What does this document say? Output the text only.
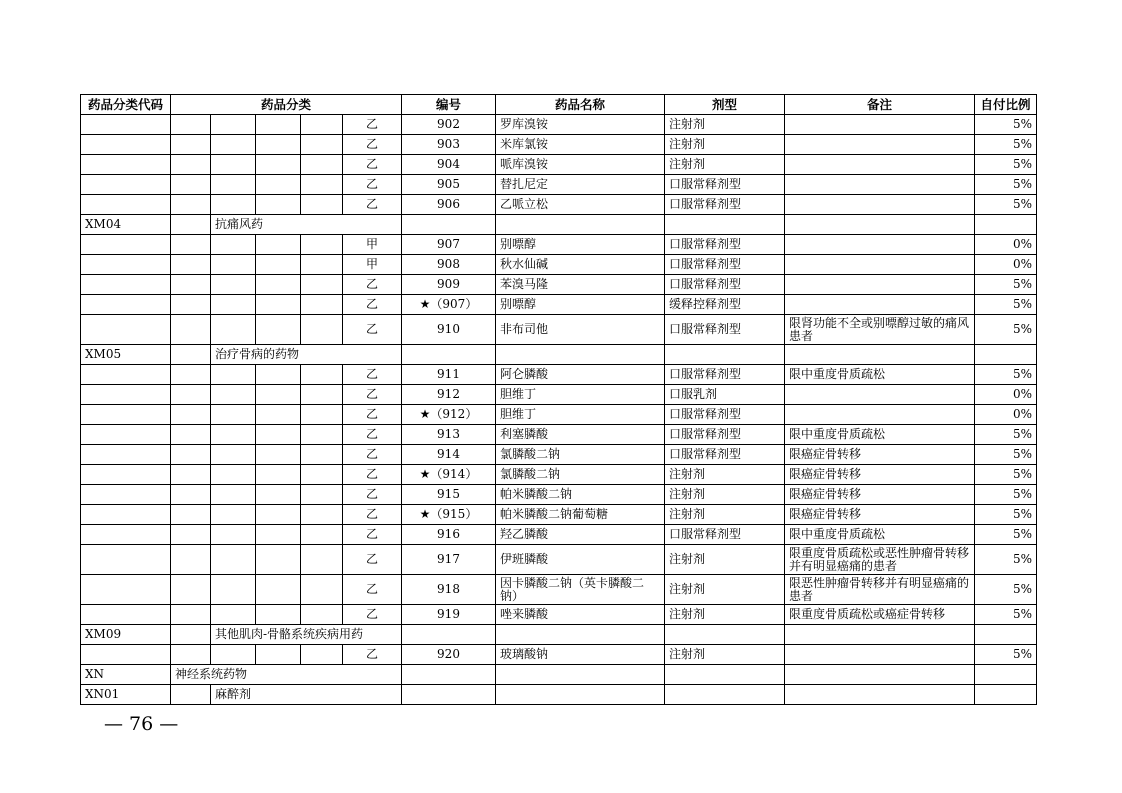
药品分类代码	药品分类					编号	药品名称	剂型	备注	自付比例
					乙	902	罗库溴铵	注射剂		5%
					乙	903	米库氯铵	注射剂		5%
					乙	904	哌库溴铵	注射剂		5%
					乙	905	替扎尼定	口服常释剂型		5%
					乙	906	乙哌立松	口服常释剂型		5%
XM04		抗痛风药								
					甲	907	别嘌醇	口服常释剂型		0%
					甲	908	秋水仙碱	口服常释剂型		0%
					乙	909	苯溴马隆	口服常释剂型		5%
					乙	★（907）	别嘌醇	缓释控释剂型		5%
					乙	910	非布司他	口服常释剂型	限肾功能不全或别嘌醇过敏的痛风患者	5%
XM05		治疗骨病的药物								
					乙	911	阿仑膦酸	口服常释剂型	限中重度骨质疏松	5%
					乙	912	胆维丁	口服乳剂		0%
					乙	★（912）	胆维丁	口服常释剂型		0%
					乙	913	利塞膦酸	口服常释剂型	限中重度骨质疏松	5%
					乙	914	氯膦酸二钠	口服常释剂型	限癌症骨转移	5%
					乙	★（914）	氯膦酸二钠	注射剂	限癌症骨转移	5%
					乙	915	帕米膦酸二钠	注射剂	限癌症骨转移	5%
					乙	★（915）	帕米膦酸二钠葡萄糖	注射剂	限癌症骨转移	5%
					乙	916	羟乙膦酸	口服常释剂型	限中重度骨质疏松	5%
					乙	917	伊班膦酸	注射剂	限重度骨质疏松或恶性肿瘤骨转移并有明显癌痛的患者	5%
					乙	918	因卡膦酸二钠（英卡膦酸二钠）	注射剂	限恶性肿瘤骨转移并有明显癌痛的患者	5%
					乙	919	唑来膦酸	注射剂	限重度骨质疏松或癌症骨转移	5%
XM09		其他肌肉-骨骼系统疾病用药								
					乙	920	玻璃酸钠	注射剂		5%
XN	神经系统药物									
XN01		麻醉剂								
— 76 —
